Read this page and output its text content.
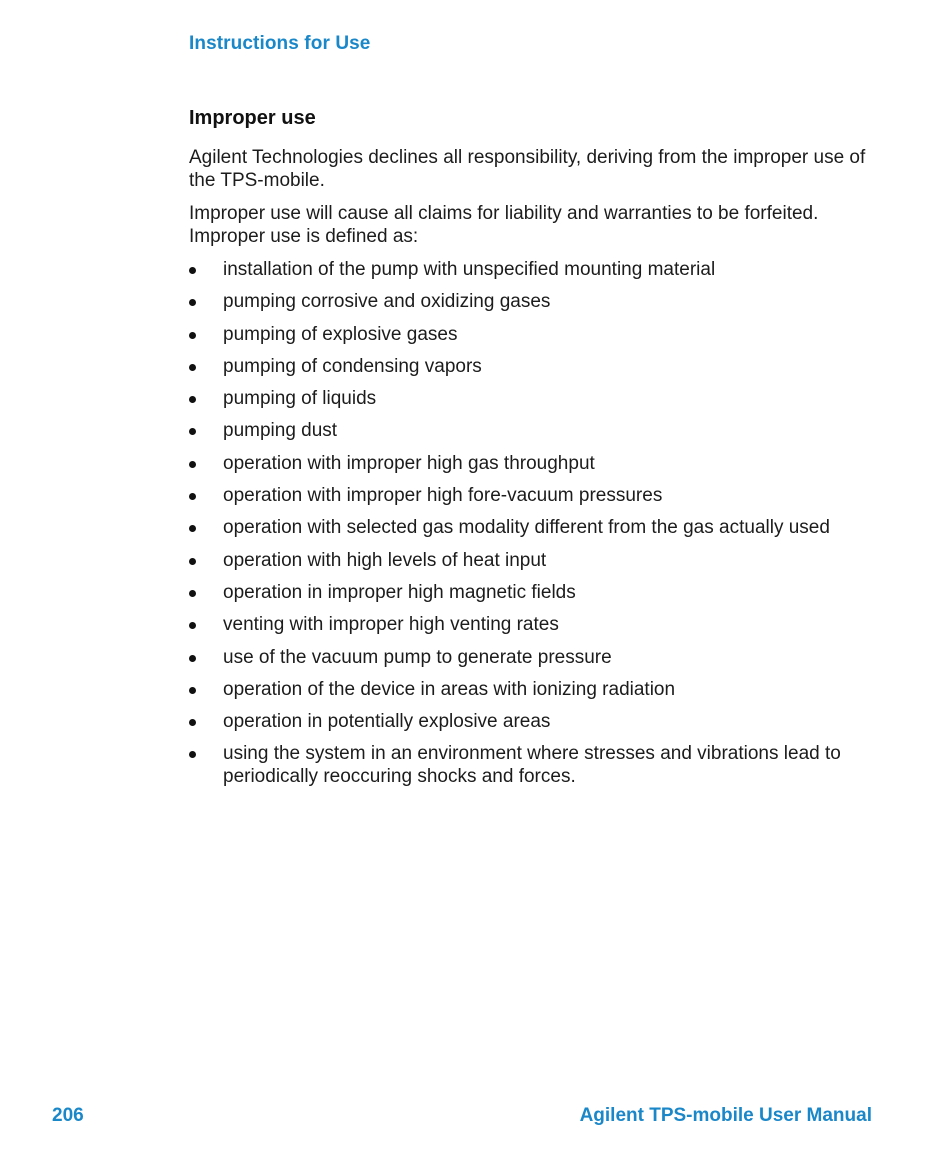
Instructions for Use
Improper use

Agilent Technologies declines all responsibility, deriving from the improper use of the TPS-mobile.

Improper use will cause all claims for liability and warranties to be forfeited. Improper use is defined as:

installation of the pump with unspecified mounting material
pumping corrosive and oxidizing gases
pumping of explosive gases
pumping of condensing vapors
pumping of liquids
pumping dust
operation with improper high gas throughput
operation with improper high fore-vacuum pressures
operation with selected gas modality different from the gas actually used
operation with high levels of heat input
operation in improper high magnetic fields
venting with improper high venting rates
use of the vacuum pump to generate pressure
operation of the device in areas with ionizing radiation
operation in potentially explosive areas
using the system in an environment where stresses and vibrations lead to periodically reoccuring shocks and forces.
206	Agilent TPS-mobile User Manual
